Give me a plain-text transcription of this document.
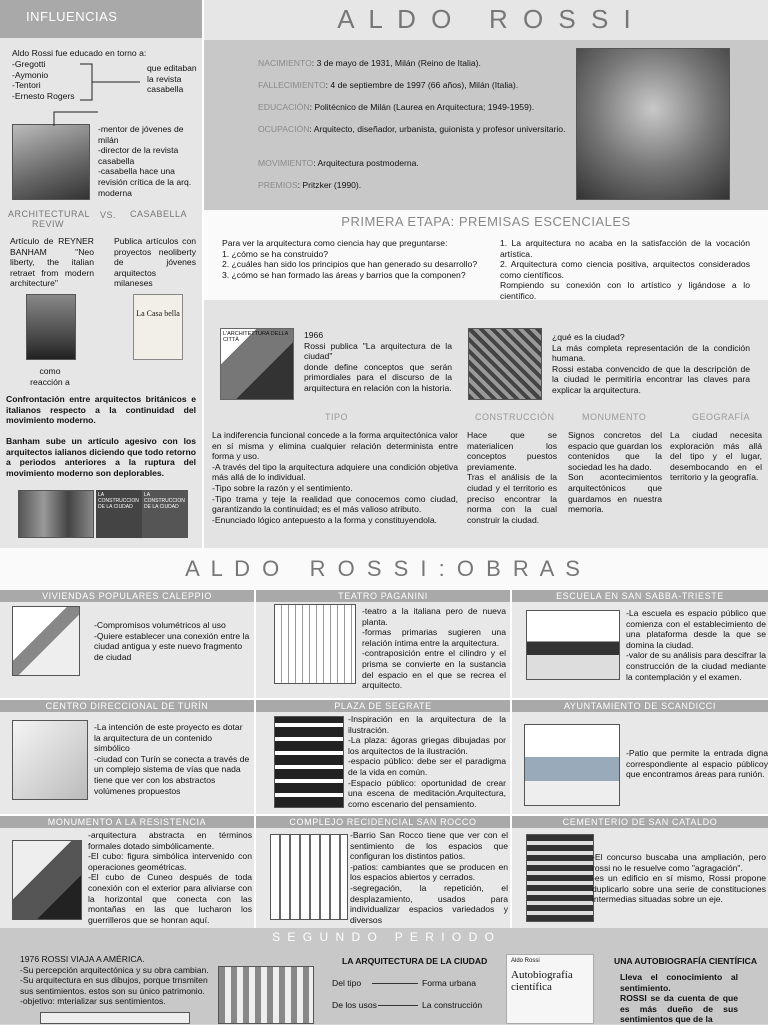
INFLUENCIAS
Aldo Rossi fue educado en torno a:
-Gregotti
-Aymonio
-Tentori
-Ernesto Rogers
que editaban la revista casabella
-mentor de jóvenes de milán
-director de la revista casabella
-casabella hace una revisión crítica de la arq. moderna
ARCHITECTURAL REVIW
VS. CASABELLA
Artículo de REYNER BANHAM "Neo liberty, the italian retraet from modern architecture"
Publica artículos con proyectos neoliberty de jóvenes arquitectos milaneses
La Casa bella
como reacción a
Confrontación entre arquitectos británicos e italianos respecto a la continuidad del movimiento moderno.
Banham sube un artículo agesivo con los arquitectos ialianos diciendo que todo retorno a periodos anteriores a la ruptura del movimiento moderno son deplorables.
LA CONSTRUCCION DE LA CIUDAD
LA CONSTRUCCION DE LA CIUDAD
A L D O   R O S S I
NACIMIENTO: 3 de mayo de 1931, Milán (Reino de Italia).
FALLECIMIENTO: 4 de septiembre de 1997 (66 años), Milán (Italia).
EDUCACIÓN: Politécnico de Milán (Laurea en Arquitectura; 1949-1959).
OCUPACIÓN: Arquitecto, diseñador, urbanista, guionista y profesor universitario.
MOVIMIENTO: Arquitectura postmoderna.
PREMIOS: Pritzker (1990).
PRIMERA ETAPA: PREMISAS ESCENCIALES
Para ver la arquitectura como ciencia hay que preguntarse:
1. ¿cómo se ha construido?
2. ¿cuáles han sido los principios que han generado su desarrollo?
3. ¿cómo se han formado las áreas y barrios que la componen?
1. La arquitectura no acaba en la satisfacción de la vocación artística.
2. Arquitectura como ciencia positiva, arquitectos considerados como científicos.
Rompiendo su conexión con lo artístico y ligándose a lo científico.
L'ARCHITETTURA DELLA CITTÀ	1966
Rossi publica "La arquitectura de la ciudad"
donde define conceptos que serán primordiales para el discurso de la arquitectura en relación con la historia.
¿qué es la ciudad?
La más completa representación de la condición humana.
Rossi estaba convencido de que la descripción de la ciudad le permitiría encontrar las claves para explicar la arquitectura.
TIPO	CONSTRUCCIÓN	MONUMENTO	GEOGRAFÍA
La indiferencia funcional concede a la forma arquitectónica valor en sí misma y elimina cualquier relación determinista entre forma y uso.
-A través del tipo la arquitectura adquiere una condición objetiva más allá de lo individual.
-Tipo sobre la razón y el sentimiento.
-Tipo trama y teje la realidad que conocemos como ciudad, garantizando la continuidad; es el más valioso atributo.
-Enunciado lógico antepuesto a la forma y constituyendola.
Hace que se materialicen los conceptos puestos previamente.
Tras el análisis de la ciudad y el territorio es preciso encontrar la norma con la cual construir la ciudad.
Signos concretos del espacio que guardan los contenidos que la sociedad les ha dado.
Son acontecimientos arquitectónicos que guardamos en nuestra memoria.
La ciudad necesita exploración más allá del tipo y el lugar, desembocando en el territorio y la geografía.
A L D O   R O S S I : O B R A S
VIVIENDAS POPULARES CALEPPIO
-Compromisos volumétricos al uso
-Quiere establecer una conexión entre la ciudad antigua y este nuevo fragmento de ciudad
TEATRO PAGANINI
-teatro a la italiana pero de nueva planta.
-formas primarias sugieren una relación íntima entre la arquitectura.
-contraposición entre el cilindro y el prisma se convierte en la sustancia del espacio en el que se recrea el arquitecto.
ESCUELA EN SAN SABBA-TRIESTE
-La escuela es espacio público que comienza con el establecimiento de una plataforma desde la que se domina la ciudad.
-valor de su análisis para descifrar la construcción de la ciudad mediante la contemplación y el examen.
CENTRO DIRECCIONAL DE TURÍN
-La intención de este proyecto es dotar la arquitectura de un contenido simbólico
-ciudad con Turín se conecta a través de un complejo sistema de vías que nada tiene que ver con los abstractos volúmenes propuestos
PLAZA DE SEGRATE
-Inspiración en la arquitectura de la ilustración.
-La plaza: ágoras griegas dibujadas por los arquitectos de la ilustración.
-espacio público: debe ser el paradigma de la vida en común.
-Espacio público: oportunidad de crear una escena de meditación.Arquitectura, como escenario del pensamiento.
AYUNTAMIENTO DE SCANDICCI
-Patio que permite la entrada digna correspondiente al espacio públicoy que encontramos áreas para runión.
MONUMENTO A LA RESISTENCIA
-arquitectura abstracta en términos formales dotado simbólicamente.
-El cubo: figura simbólica intervenido con operaciones geométricas.
-El cubo de Cuneo después de toda conexión con el exterior para aliviarse con la horizontal que conecta con las montañas en las que lucharon los guerrilleros que se honran aquí.
COMPLEJO RECIDENCIAL SAN ROCCO
-Barrio San Rocco tiene que ver con el sentimiento de los espacios que configuran los distintos patios.
-patios: cambiantes que se producen en los espacios abiertos y cerrados.
-segregación, la repetición, el desplazamiento, usados para individualizar espacios variedados y diversos
CEMENTERIO DE SAN CATALDO
-El concurso buscaba una ampliación, pero rossi no le resuelve como "agragación".
-es un edificio en sí mismo, Rossi propone duplicarlo sobre una serie de constituciones intermedias situadas sobre un eje.
S E G U N D O   P E R I O D O
1976 ROSSI VIAJA A AMÉRICA.
-Su percepción arquitectónica y su obra cambian.
-Su arquitectura en sus dibujos, porque trnsmiten sus sentimientos. estos son su único patrimonio.
-objetivo: mterializar sus sentimientos.
LA ARQUITECTURA DE LA CIUDAD
Del tipo	Forma urbana
De los usos	La construcción
Aldo Rossi
Autobiografía científica
UNA AUTOBIOGRAFÍA CIENTÍFICA
Lleva el conocimiento al sentimiento.
ROSSI se da cuenta de que es más dueño de sus sentimientos que de la
